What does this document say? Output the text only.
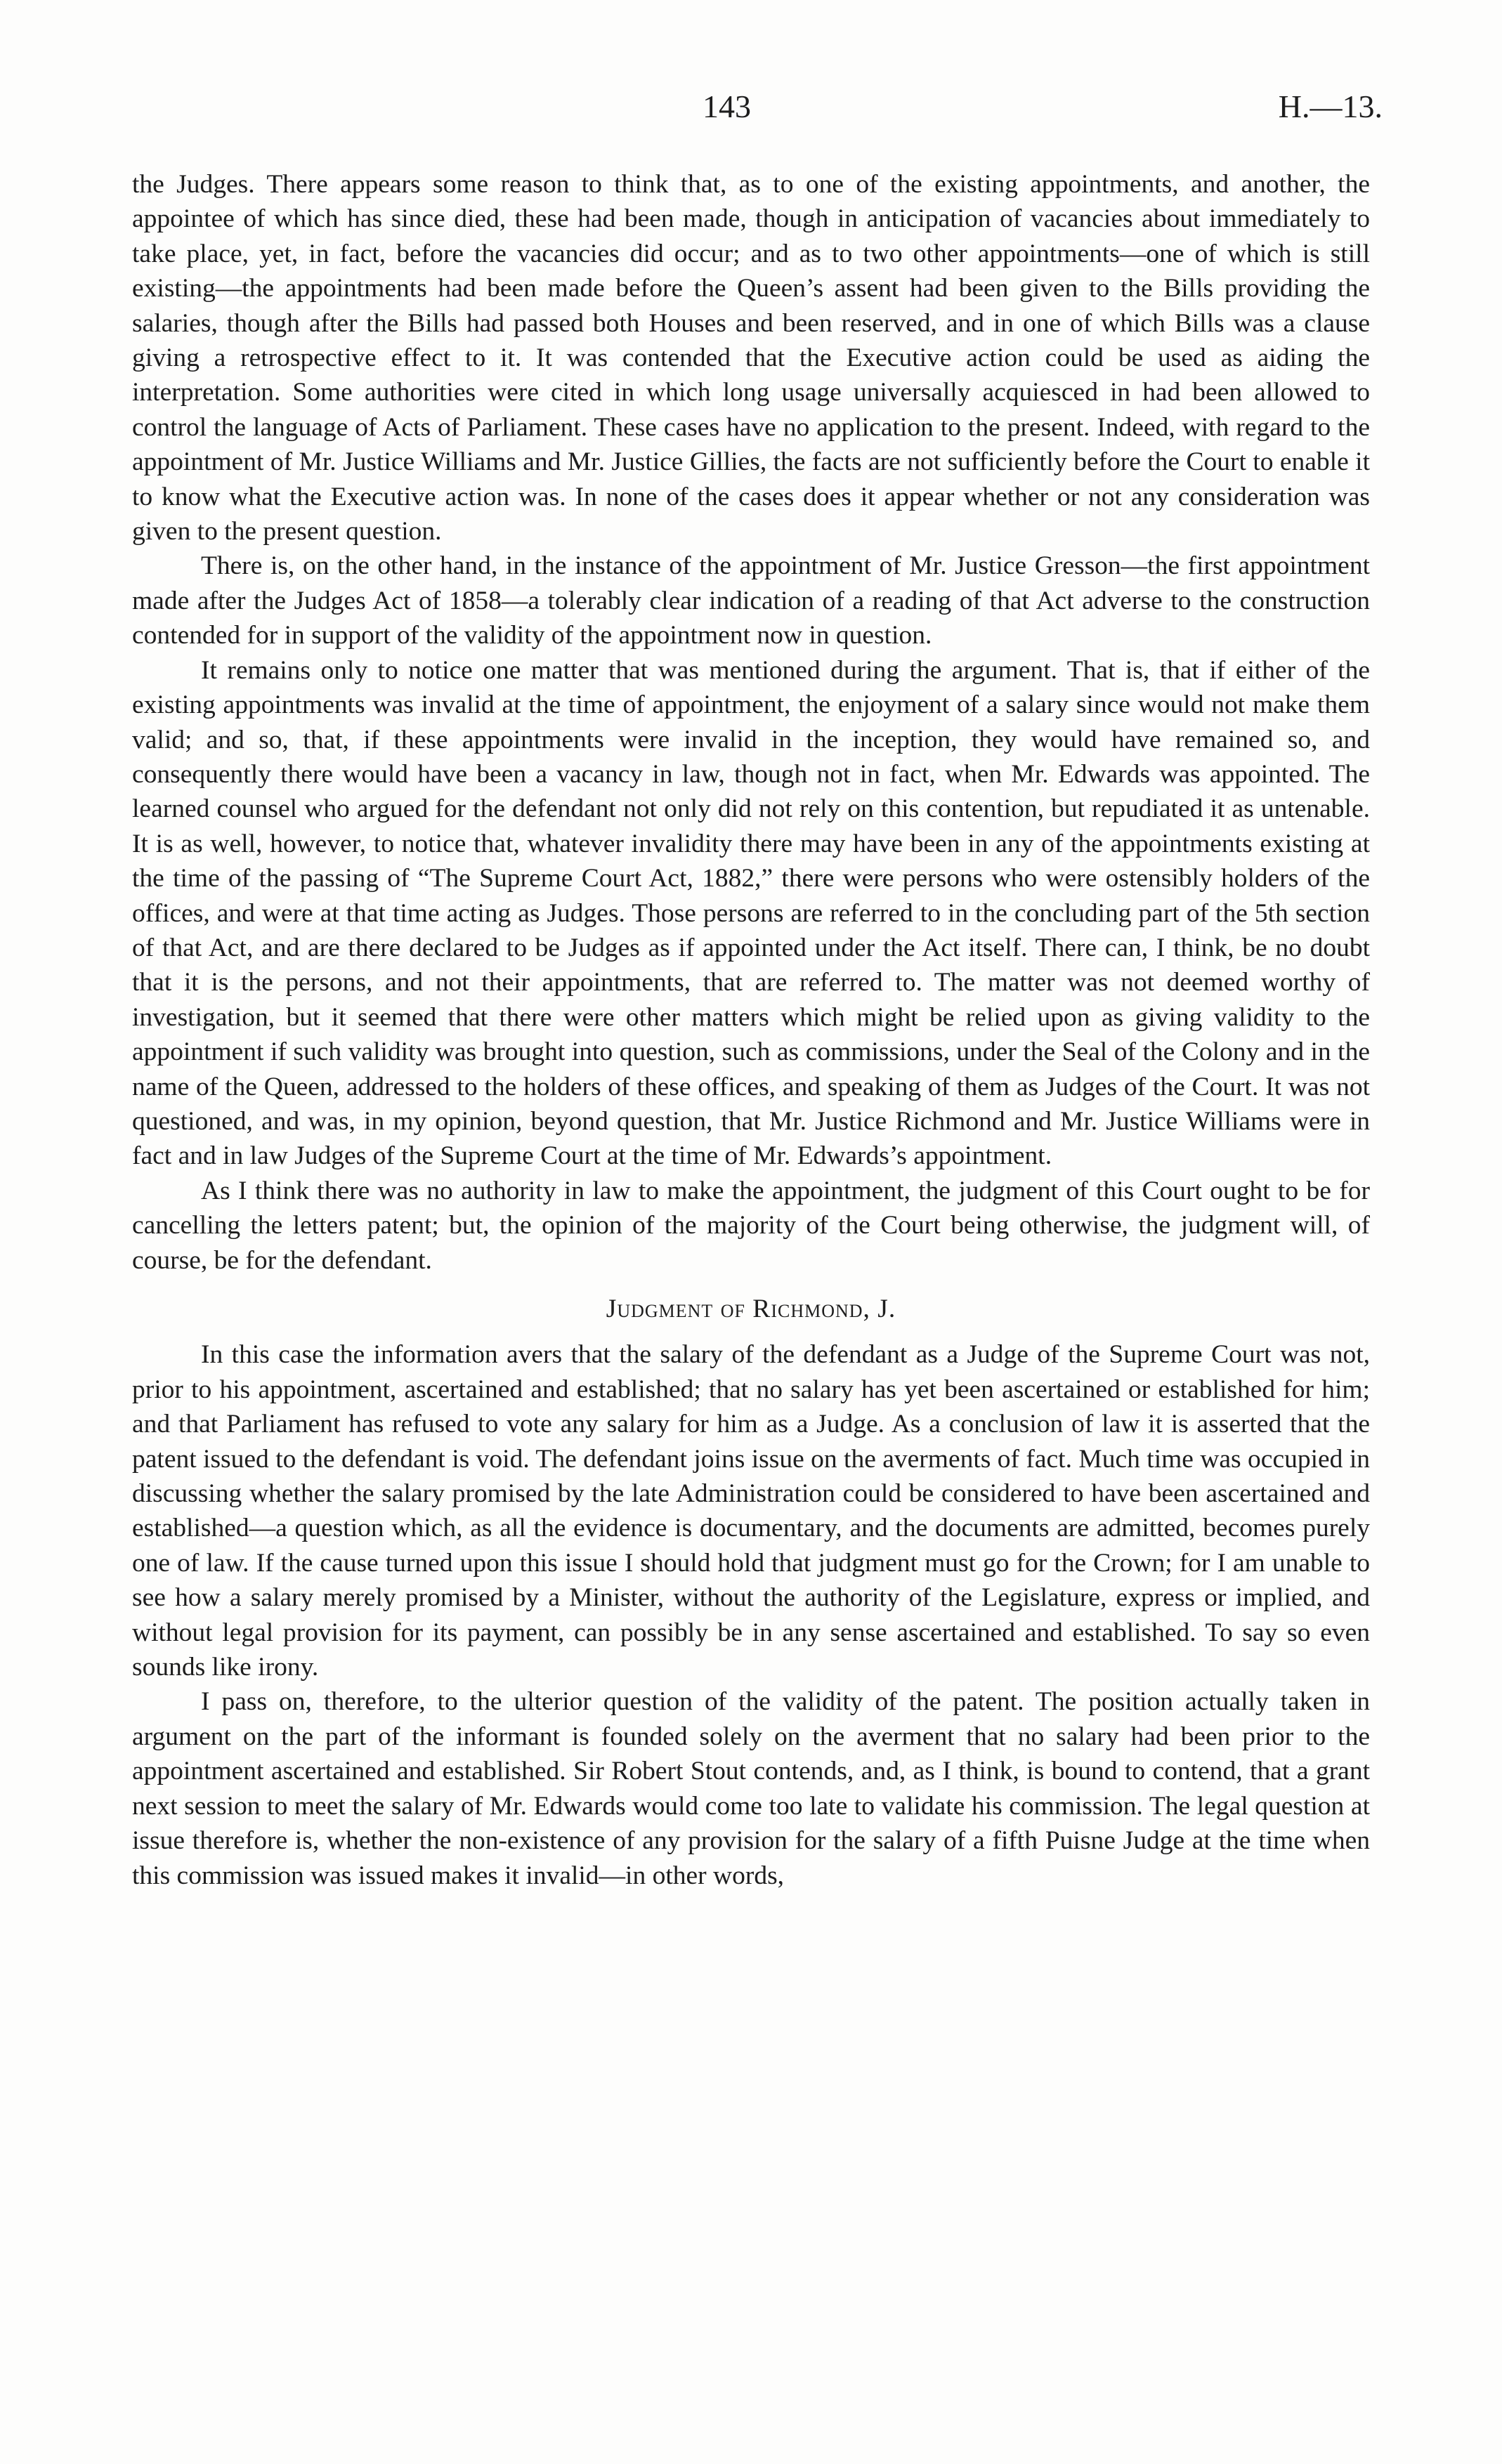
143	H.—13.

the Judges. There appears some reason to think that, as to one of the existing appointments, and another, the appointee of which has since died, these had been made, though in anticipation of vacancies about immediately to take place, yet, in fact, before the vacancies did occur; and as to two other appointments—one of which is still existing—the appointments had been made before the Queen’s assent had been given to the Bills providing the salaries, though after the Bills had passed both Houses and been reserved, and in one of which Bills was a clause giving a retrospective effect to it. It was contended that the Executive action could be used as aiding the interpretation. Some authorities were cited in which long usage universally acquiesced in had been allowed to control the language of Acts of Parliament. These cases have no application to the present. Indeed, with regard to the appointment of Mr. Justice Williams and Mr. Justice Gillies, the facts are not sufficiently before the Court to enable it to know what the Executive action was. In none of the cases does it appear whether or not any consideration was given to the present question.

There is, on the other hand, in the instance of the appointment of Mr. Justice Gresson—the first appointment made after the Judges Act of 1858—a tolerably clear indication of a reading of that Act adverse to the construction contended for in support of the validity of the appointment now in question.

It remains only to notice one matter that was mentioned during the argument. That is, that if either of the existing appointments was invalid at the time of appointment, the enjoyment of a salary since would not make them valid; and so, that, if these appointments were invalid in the inception, they would have remained so, and consequently there would have been a vacancy in law, though not in fact, when Mr. Edwards was appointed. The learned counsel who argued for the defendant not only did not rely on this contention, but repudiated it as untenable. It is as well, however, to notice that, whatever invalidity there may have been in any of the appointments existing at the time of the passing of “The Supreme Court Act, 1882,” there were persons who were ostensibly holders of the offices, and were at that time acting as Judges. Those persons are referred to in the concluding part of the 5th section of that Act, and are there declared to be Judges as if appointed under the Act itself. There can, I think, be no doubt that it is the persons, and not their appointments, that are referred to. The matter was not deemed worthy of investigation, but it seemed that there were other matters which might be relied upon as giving validity to the appointment if such validity was brought into question, such as commissions, under the Seal of the Colony and in the name of the Queen, addressed to the holders of these offices, and speaking of them as Judges of the Court. It was not questioned, and was, in my opinion, beyond question, that Mr. Justice Richmond and Mr. Justice Williams were in fact and in law Judges of the Supreme Court at the time of Mr. Edwards’s appointment.

As I think there was no authority in law to make the appointment, the judgment of this Court ought to be for cancelling the letters patent; but, the opinion of the majority of the Court being otherwise, the judgment will, of course, be for the defendant.

Judgment of Richmond, J.

In this case the information avers that the salary of the defendant as a Judge of the Supreme Court was not, prior to his appointment, ascertained and established; that no salary has yet been ascertained or established for him; and that Parliament has refused to vote any salary for him as a Judge. As a conclusion of law it is asserted that the patent issued to the defendant is void. The defendant joins issue on the averments of fact. Much time was occupied in discussing whether the salary promised by the late Administration could be considered to have been ascertained and established—a question which, as all the evidence is documentary, and the documents are admitted, becomes purely one of law. If the cause turned upon this issue I should hold that judgment must go for the Crown; for I am unable to see how a salary merely promised by a Minister, without the authority of the Legislature, express or implied, and without legal provision for its payment, can possibly be in any sense ascertained and established. To say so even sounds like irony.

I pass on, therefore, to the ulterior question of the validity of the patent. The position actually taken in argument on the part of the informant is founded solely on the averment that no salary had been prior to the appointment ascertained and established. Sir Robert Stout contends, and, as I think, is bound to contend, that a grant next session to meet the salary of Mr. Edwards would come too late to validate his commission. The legal question at issue therefore is, whether the non-existence of any provision for the salary of a fifth Puisne Judge at the time when this commission was issued makes it invalid—in other words,
